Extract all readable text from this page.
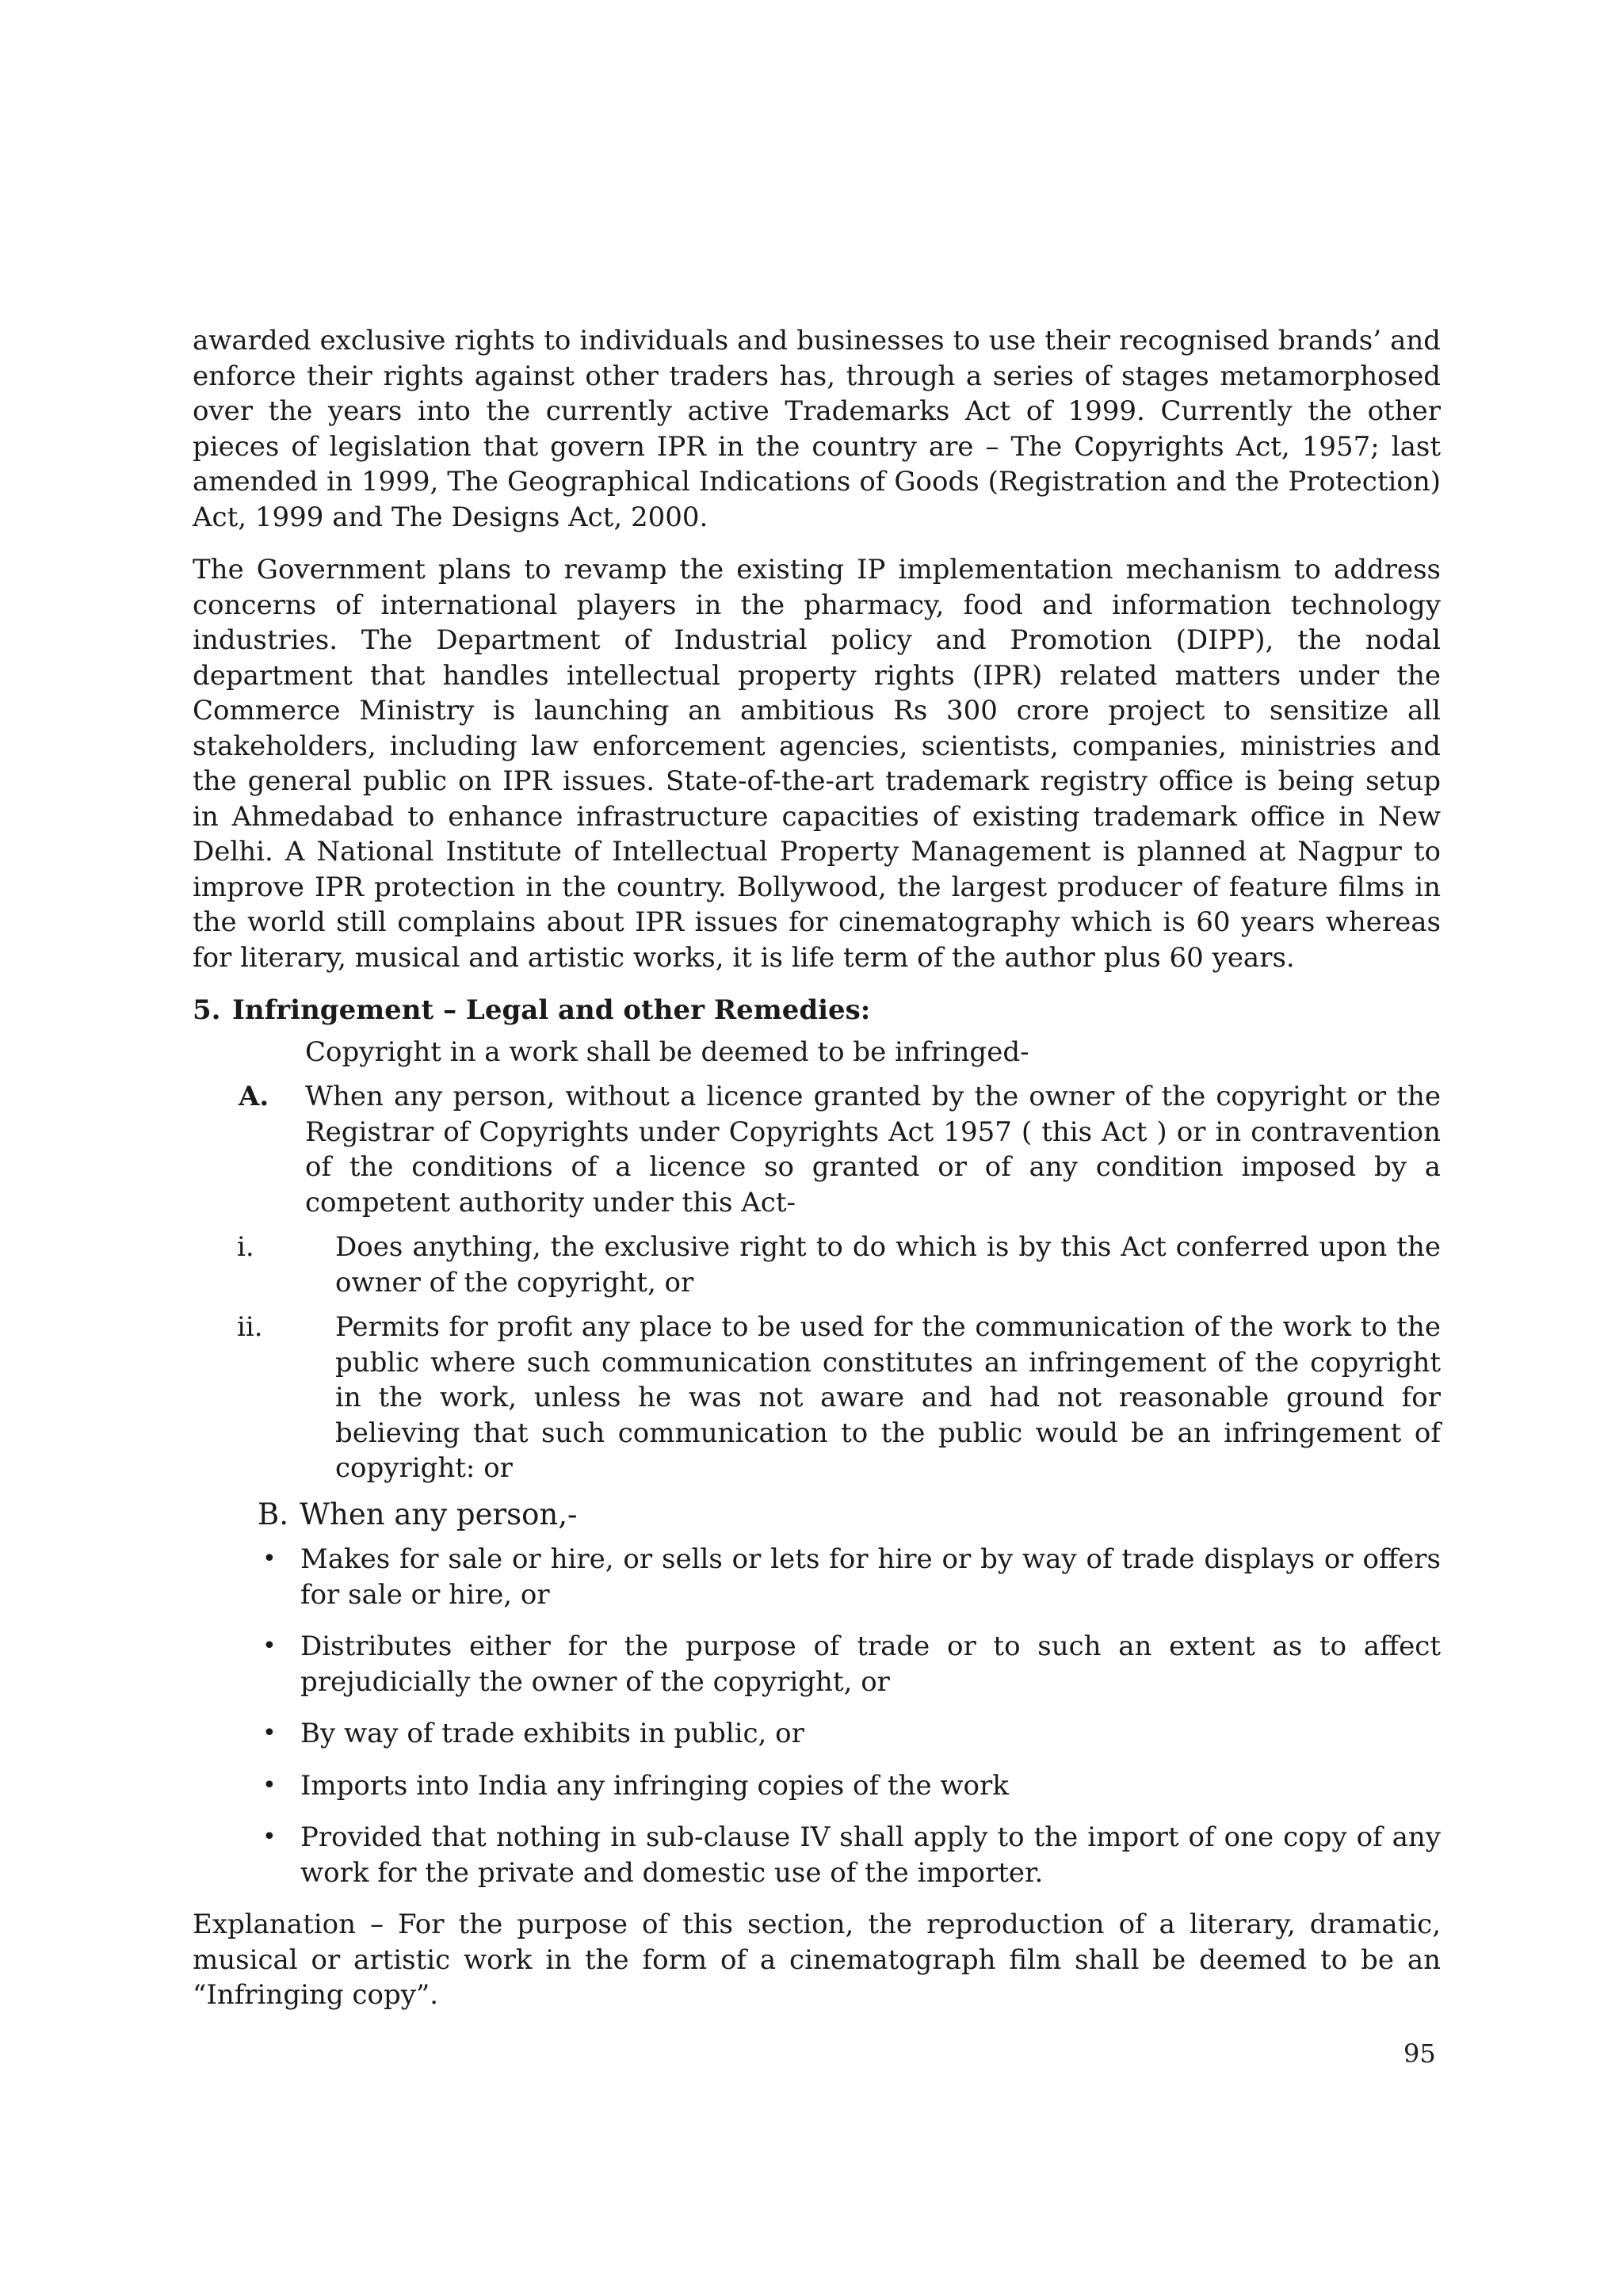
awarded exclusive rights to individuals and businesses to use their recognised brands’ and enforce their rights against other traders has, through a series of stages metamorphosed over the years into the currently active Trademarks Act of 1999. Currently the other pieces of legislation that govern IPR in the country are – The Copyrights Act, 1957; last amended in 1999, The Geographical Indications of Goods (Registration and the Protection) Act, 1999 and The Designs Act, 2000.

The Government plans to revamp the existing IP implementation mechanism to address concerns of international players in the pharmacy, food and information technology industries. The Department of Industrial policy and Promotion (DIPP), the nodal department that handles intellectual property rights (IPR) related matters under the Commerce Ministry is launching an ambitious Rs 300 crore project to sensitize all stakeholders, including law enforcement agencies, scientists, companies, ministries and the general public on IPR issues. State-of-the-art trademark registry office is being setup in Ahmedabad to enhance infrastructure capacities of existing trademark office in New Delhi. A National Institute of Intellectual Property Management is planned at Nagpur to improve IPR protection in the country. Bollywood, the largest producer of feature films in the world still complains about IPR issues for cinematography which is 60 years whereas for literary, musical and artistic works, it is life term of the author plus 60 years.

5. Infringement – Legal and other Remedies:

Copyright in a work shall be deemed to be infringed-

A.	When any person, without a licence granted by the owner of the copyright or the Registrar of Copyrights under Copyrights Act 1957 ( this Act ) or in contravention of the conditions of a licence so granted or of any condition imposed by a competent authority under this Act-
i.	Does anything, the exclusive right to do which is by this Act conferred upon the owner of the copyright, or
ii.	Permits for profit any place to be used for the communication of the work to the public where such communication constitutes an infringement of the copyright in the work, unless he was not aware and had not reasonable ground for believing that such communication to the public would be an infringement of copyright: or
B. When any person,-
• Makes for sale or hire, or sells or lets for hire or by way of trade displays or offers for sale or hire, or
• Distributes either for the purpose of trade or to such an extent as to affect prejudicially the owner of the copyright, or
• By way of trade exhibits in public, or
• Imports into India any infringing copies of the work
• Provided that nothing in sub-clause IV shall apply to the import of one copy of any work for the private and domestic use of the importer.

Explanation – For the purpose of this section, the reproduction of a literary, dramatic, musical or artistic work in the form of a cinematograph film shall be deemed to be an “Infringing copy”.

95
